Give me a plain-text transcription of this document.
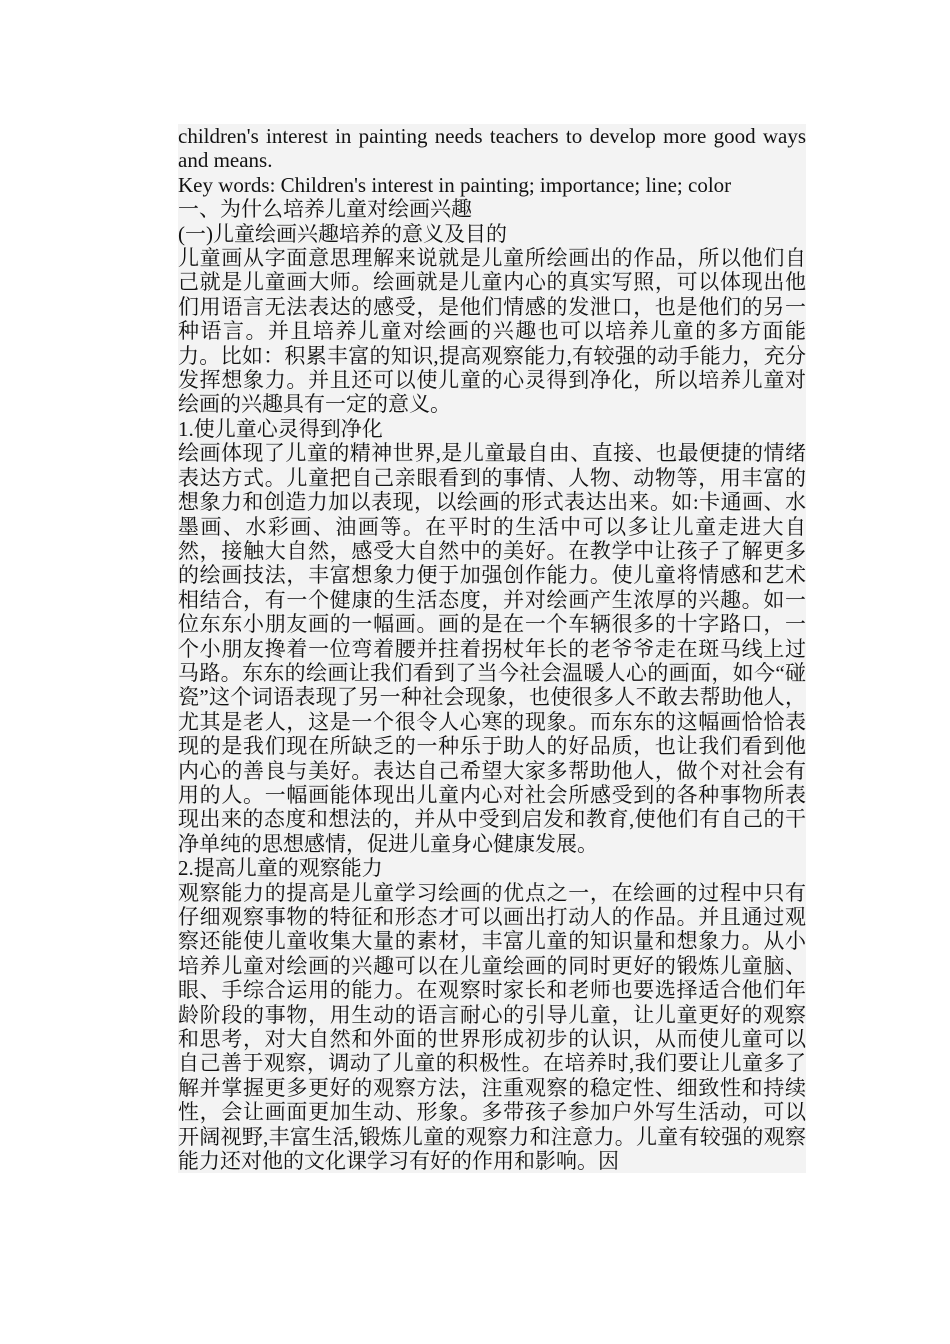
children's interest in painting needs teachers to develop more good ways and means.

Key words: Children's interest in painting; importance; line; color

一、为什么培养儿童对绘画兴趣

(一)儿童绘画兴趣培养的意义及目的

儿童画从字面意思理解来说就是儿童所绘画出的作品，所以他们自己就是儿童画大师。绘画就是儿童内心的真实写照，可以体现出他们用语言无法表达的感受，是他们情感的发泄口，也是他们的另一种语言。并且培养儿童对绘画的兴趣也可以培养儿童的多方面能力。比如：积累丰富的知识,提高观察能力,有较强的动手能力，充分发挥想象力。并且还可以使儿童的心灵得到净化，所以培养儿童对绘画的兴趣具有一定的意义。

1.使儿童心灵得到净化

绘画体现了儿童的精神世界,是儿童最自由、直接、也最便捷的情绪表达方式。儿童把自己亲眼看到的事情、人物、动物等，用丰富的想象力和创造力加以表现，以绘画的形式表达出来。如:卡通画、水墨画、水彩画、油画等。在平时的生活中可以多让儿童走进大自然，接触大自然，感受大自然中的美好。在教学中让孩子了解更多的绘画技法，丰富想象力便于加强创作能力。使儿童将情感和艺术相结合，有一个健康的生活态度，并对绘画产生浓厚的兴趣。如一位东东小朋友画的一幅画。画的是在一个车辆很多的十字路口，一个小朋友搀着一位弯着腰并拄着拐杖年长的老爷爷走在斑马线上过马路。东东的绘画让我们看到了当今社会温暖人心的画面，如今“碰瓷”这个词语表现了另一种社会现象，也使很多人不敢去帮助他人，尤其是老人，这是一个很令人心寒的现象。而东东的这幅画恰恰表现的是我们现在所缺乏的一种乐于助人的好品质，也让我们看到他内心的善良与美好。表达自己希望大家多帮助他人，做个对社会有用的人。一幅画能体现出儿童内心对社会所感受到的各种事物所表现出来的态度和想法的，并从中受到启发和教育,使他们有自己的干净单纯的思想感情，促进儿童身心健康发展。

2.提高儿童的观察能力

观察能力的提高是儿童学习绘画的优点之一，在绘画的过程中只有仔细观察事物的特征和形态才可以画出打动人的作品。并且通过观察还能使儿童收集大量的素材，丰富儿童的知识量和想象力。从小培养儿童对绘画的兴趣可以在儿童绘画的同时更好的锻炼儿童脑、眼、手综合运用的能力。在观察时家长和老师也要选择适合他们年龄阶段的事物，用生动的语言耐心的引导儿童，让儿童更好的观察和思考，对大自然和外面的世界形成初步的认识，从而使儿童可以自己善于观察，调动了儿童的积极性。在培养时,我们要让儿童多了解并掌握更多更好的观察方法，注重观察的稳定性、细致性和持续性，会让画面更加生动、形象。多带孩子参加户外写生活动，可以开阔视野,丰富生活,锻炼儿童的观察力和注意力。儿童有较强的观察能力还对他的文化课学习有好的作用和影响。因
